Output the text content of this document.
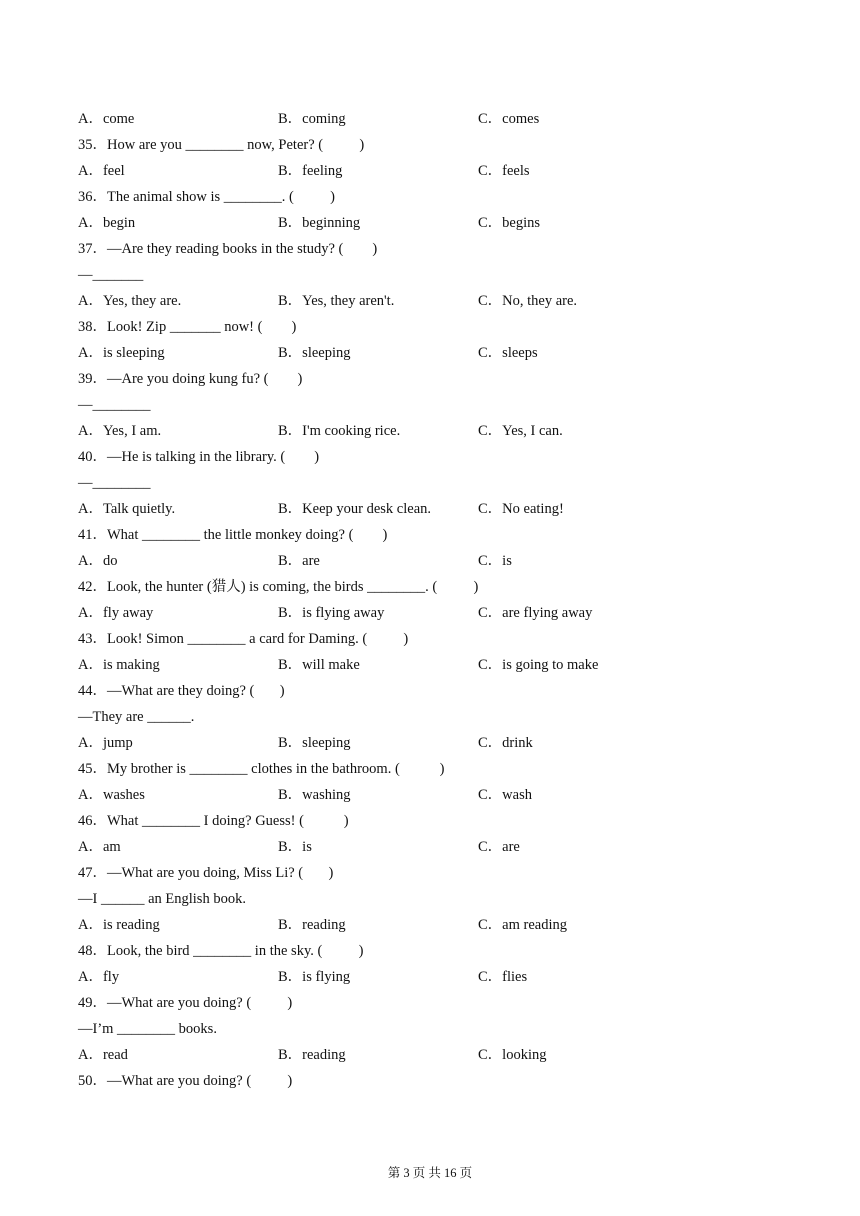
A．come	B．coming	C．comes
35．How are you ________ now, Peter? (          )
A．feel	B．feeling	C．feels
36．The animal show is ________. (          )
A．begin	B．beginning	C．begins
37．—Are they reading books in the study? (        )
—_______
A．Yes, they are.	B．Yes, they aren't.	C．No, they are.
38．Look! Zip _______ now! (        )
A．is sleeping	B．sleeping	C．sleeps
39．—Are you doing kung fu? (        )
—________
A．Yes, I am.	B．I'm cooking rice.	C．Yes, I can.
40．—He is talking in the library. (        )
—________
A．Talk quietly.	B．Keep your desk clean.	C．No eating!
41．What ________ the little monkey doing? (        )
A．do	B．are	C．is
42．Look, the hunter (猎人) is coming, the birds ________. (          )
A．fly away	B．is flying away	C．are flying away
43．Look! Simon ________ a card for Daming. (          )
A．is making	B．will make	C．is going to make
44．—What are they doing? (       )
—They are ______.
A．jump	B．sleeping	C．drink
45．My brother is ________ clothes in the bathroom. (           )
A．washes	B．washing	C．wash
46．What ________ I doing? Guess! (           )
A．am	B．is	C．are
47．—What are you doing, Miss Li? (       )
—I ______ an English book.
A．is reading	B．reading	C．am reading
48．Look, the bird ________ in the sky. (          )
A．fly	B．is flying	C．flies
49．—What are you doing? (          )
—I’m ________ books.
A．read	B．reading	C．looking
50．—What are you doing? (          )
第 3 页 共 16 页
